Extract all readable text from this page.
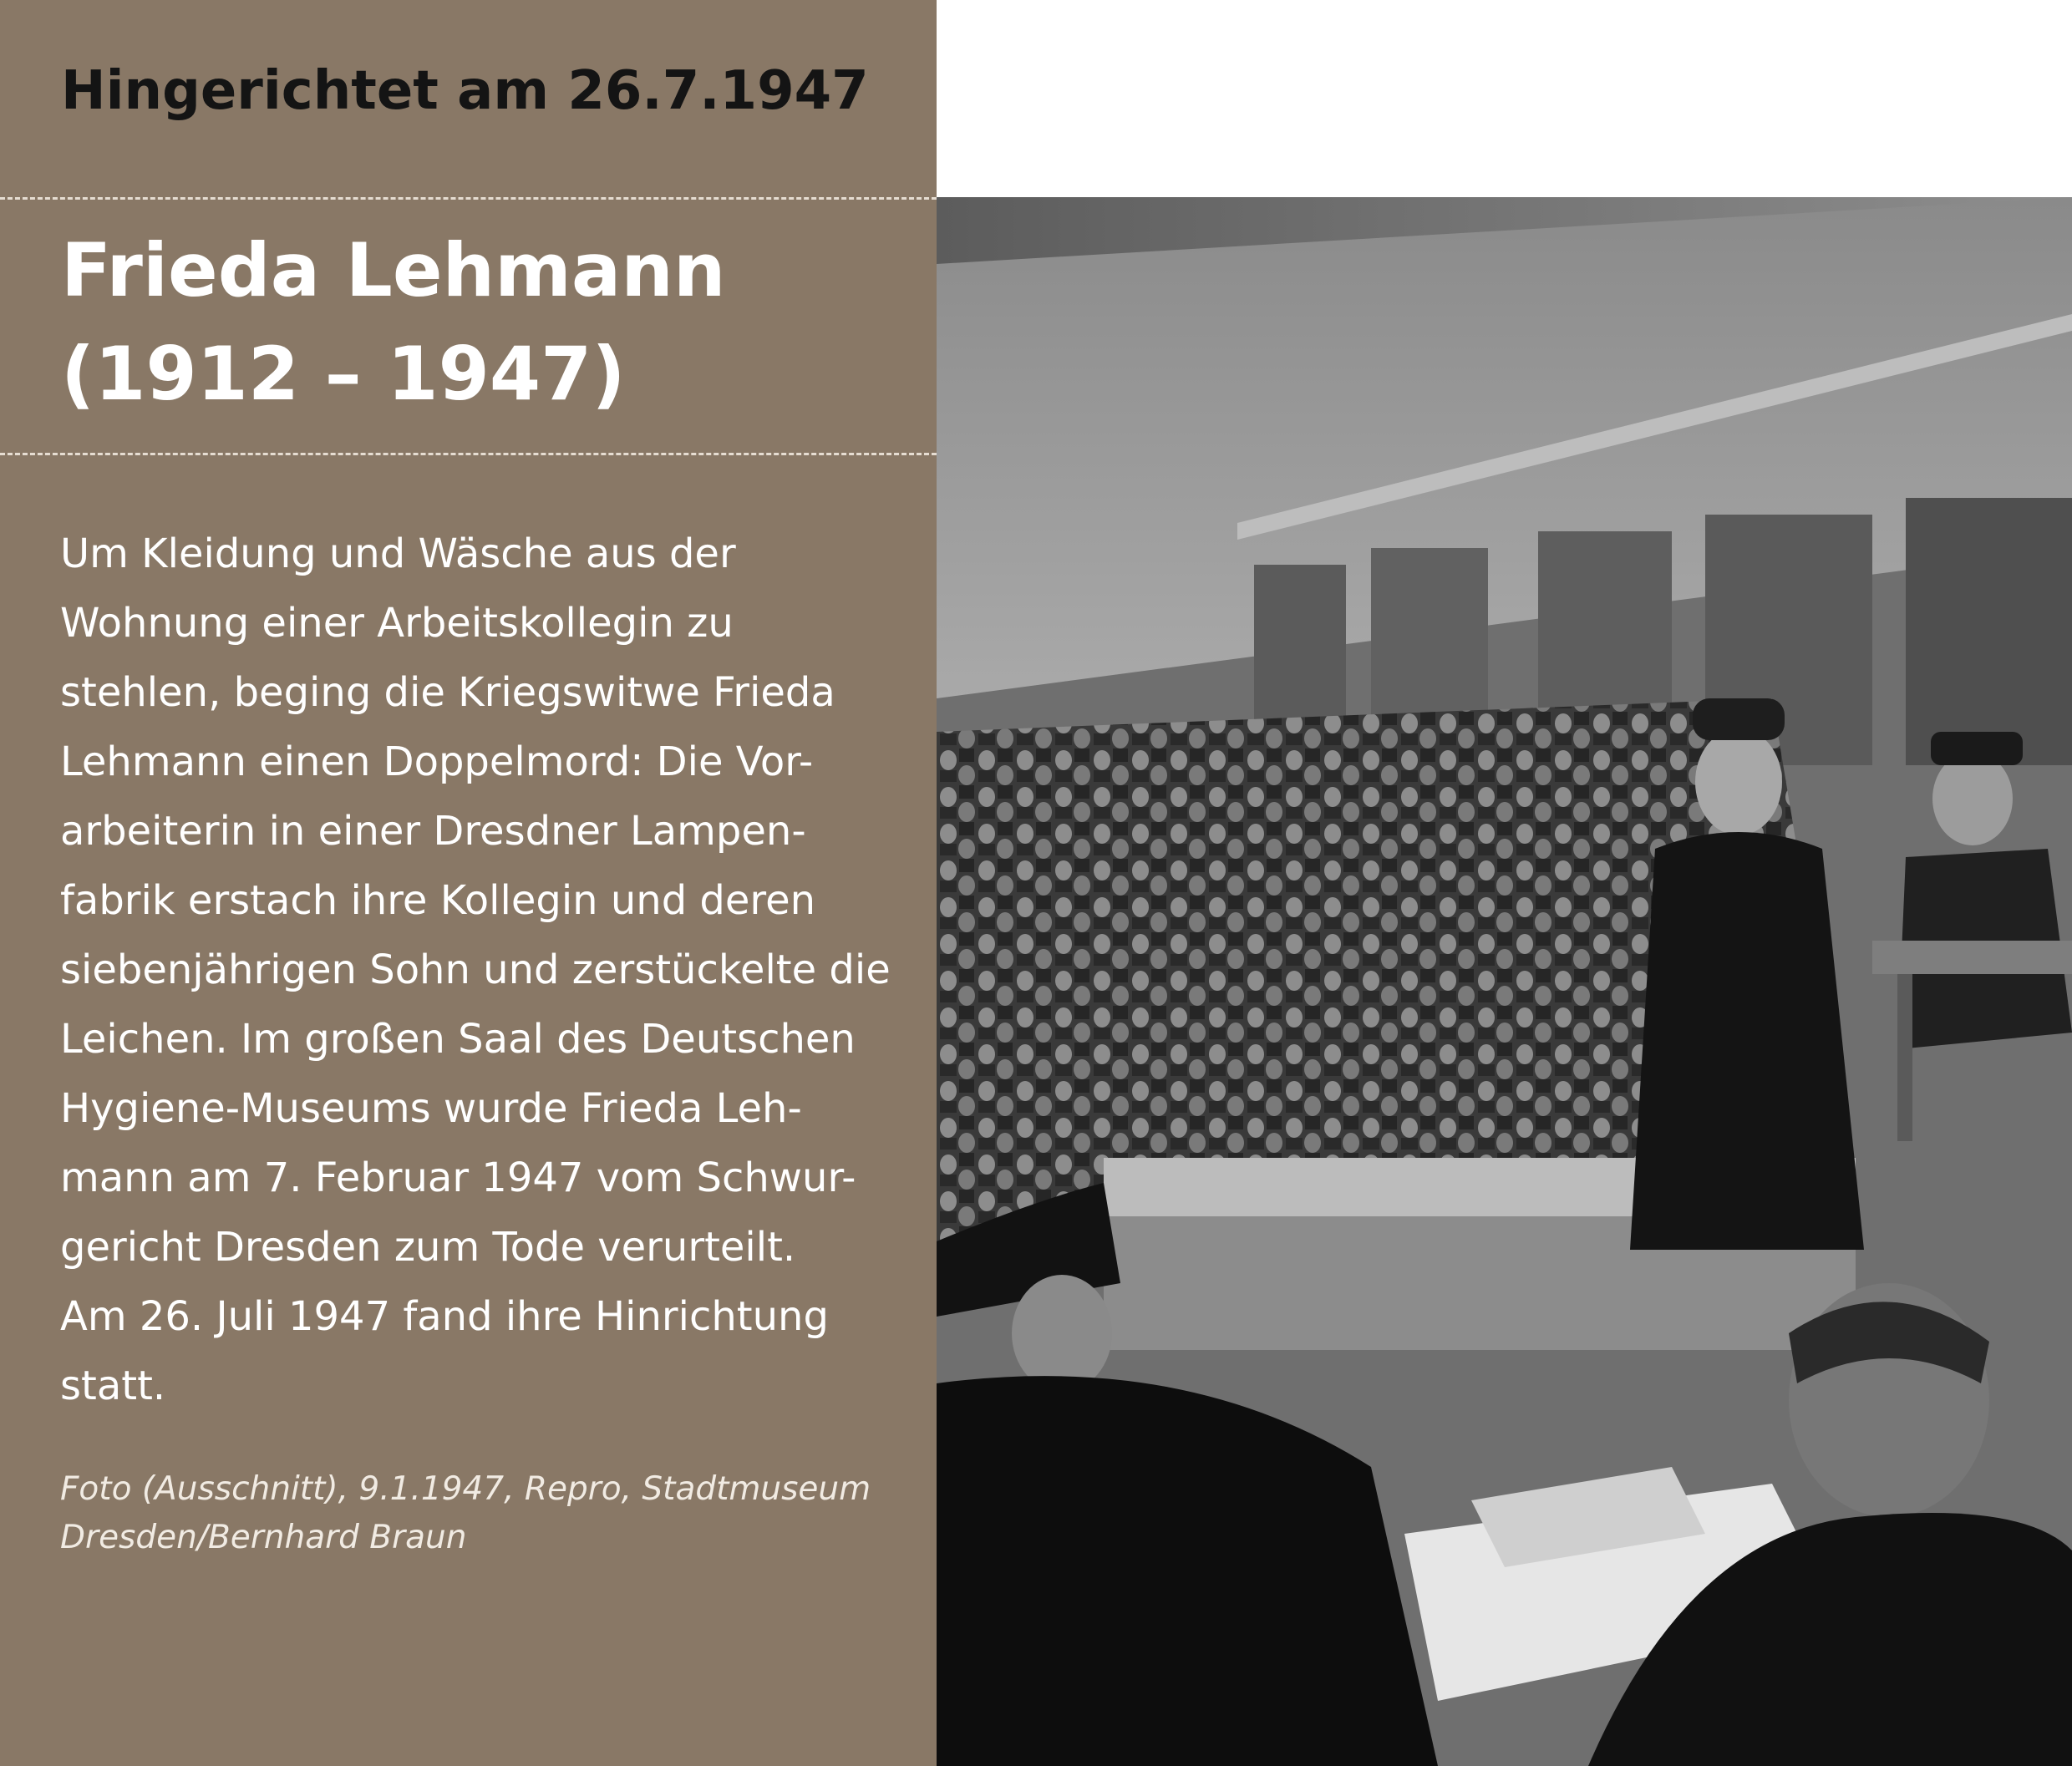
Hingerichtet am 26.7.1947
Frieda Lehmann
(1912 – 1947)
Um Kleidung und Wäsche aus der
Wohnung einer Arbeitskollegin zu
stehlen, beging die Kriegswitwe Frieda
Lehmann einen Doppelmord: Die Vor-
arbeiterin in einer Dresdner Lampen-
fabrik erstach ihre Kollegin und deren
siebenjährigen Sohn und zerstückelte die
Leichen. Im großen Saal des Deutschen
Hygiene-Museums wurde Frieda Leh-
mann am 7. Februar 1947 vom Schwur-
gericht Dresden zum Tode verurteilt.
Am 26. Juli 1947 fand ihre Hinrichtung
statt.
Foto (Ausschnitt), 9.1.1947, Repro, Stadtmuseum
Dresden/Bernhard Braun
